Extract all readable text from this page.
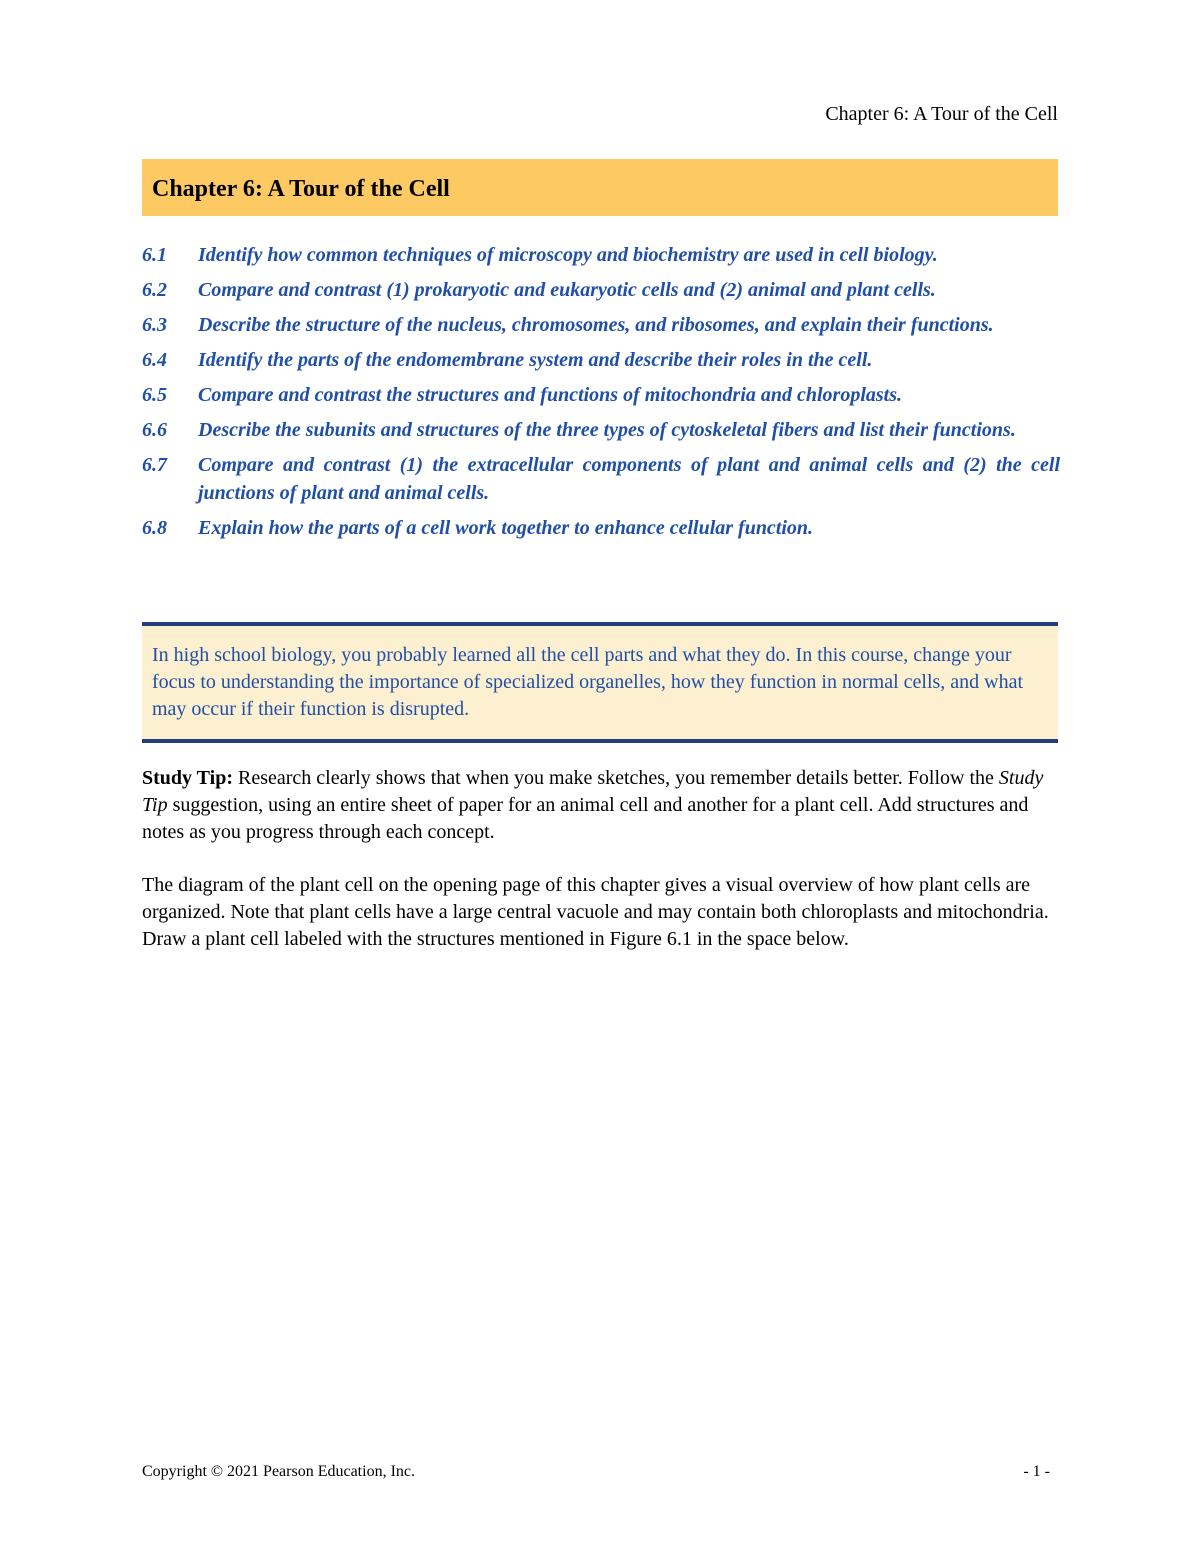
Chapter 6: A Tour of the Cell
Chapter 6: A Tour of the Cell
6.1	Identify how common techniques of microscopy and biochemistry are used in cell biology.
6.2	Compare and contrast (1) prokaryotic and eukaryotic cells and (2) animal and plant cells.
6.3	Describe the structure of the nucleus, chromosomes, and ribosomes, and explain their functions.
6.4	Identify the parts of the endomembrane system and describe their roles in the cell.
6.5	Compare and contrast the structures and functions of mitochondria and chloroplasts.
6.6	Describe the subunits and structures of the three types of cytoskeletal fibers and list their functions.
6.7	Compare and contrast (1) the extracellular components of plant and animal cells and (2) the cell junctions of plant and animal cells.
6.8	Explain how the parts of a cell work together to enhance cellular function.
In high school biology, you probably learned all the cell parts and what they do. In this course, change your focus to understanding the importance of specialized organelles, how they function in normal cells, and what may occur if their function is disrupted.

Study Tip: Research clearly shows that when you make sketches, you remember details better. Follow the Study Tip suggestion, using an entire sheet of paper for an animal cell and another for a plant cell. Add structures and notes as you progress through each concept.

The diagram of the plant cell on the opening page of this chapter gives a visual overview of how plant cells are organized. Note that plant cells have a large central vacuole and may contain both chloroplasts and mitochondria. Draw a plant cell labeled with the structures mentioned in Figure 6.1 in the space below.

Copyright © 2021 Pearson Education, Inc.	- 1 -
